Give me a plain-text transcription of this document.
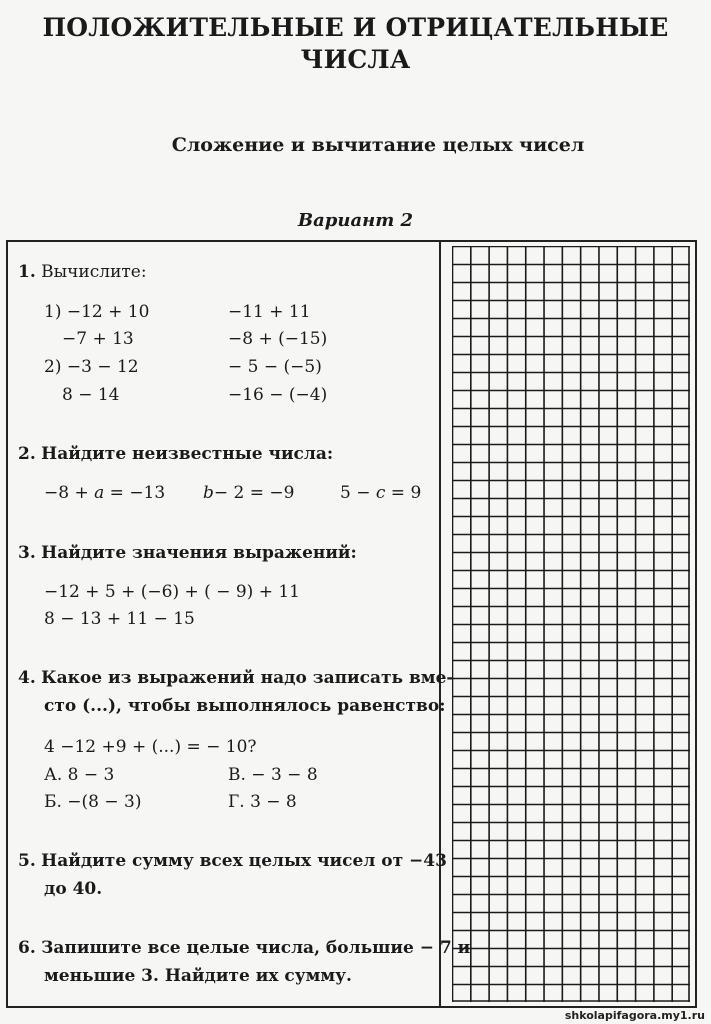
ПОЛОЖИТЕЛЬНЫЕ И ОТРИЦАТЕЛЬНЫЕ
ЧИСЛА
Сложение и вычитание целых чисел
Вариант 2
1. Вычислите:
1) −12 + 10	−11 + 11
−7 + 13	−8 + (−15)
2) −3 − 12	− 5 − (−5)
8 − 14	−16 − (−4)
2. Найдите неизвестные числа:
−8 + a = −13 b− 2 = −9	5 − c = 9
3. Найдите значения выражений:
−12 + 5 + (−6) + ( − 9) + 11
8 − 13 + 11 − 15
4. Какое из выражений надо записать вме-
сто (...), чтобы выполнялось равенство:
4 −12 +9 + (...) = − 10?
А. 8 − 3	В. − 3 − 8
Б. −(8 − 3)	Г. 3 − 8
5. Найдите сумму всех целых чисел от −43
до 40.
6. Запишите все целые числа, большие − 7 и
меньшие 3. Найдите их сумму.
shkolapifagora.my1.ru
